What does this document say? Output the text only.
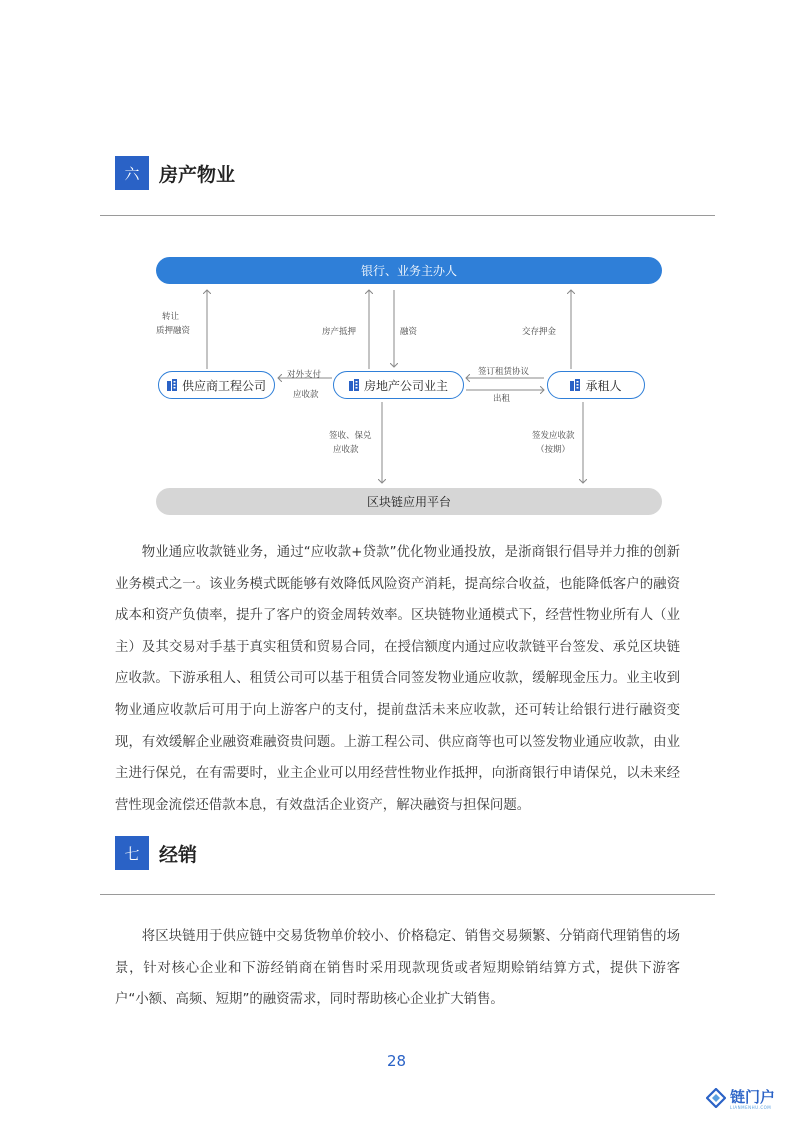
六	房产物业
银行、业务主办人
供应商工程公司	房地产公司业主	承租人
区块链应用平台
转让
质押融资	房产抵押	融资	交存押金
对外支付
应收款
签订租赁协议
出租
签收、保兑
应收款
签发应收款
（按期）

物业通应收款链业务，通过“应收款+贷款”优化物业通投放，是浙商银行倡导并力推的创新业务模式之一。该业务模式既能够有效降低风险资产消耗，提高综合收益，也能降低客户的融资成本和资产负债率，提升了客户的资金周转效率。区块链物业通模式下，经营性物业所有人（业主）及其交易对手基于真实租赁和贸易合同，在授信额度内通过应收款链平台签发、承兑区块链应收款。下游承租人、租赁公司可以基于租赁合同签发物业通应收款，缓解现金压力。业主收到物业通应收款后可用于向上游客户的支付，提前盘活未来应收款，还可转让给银行进行融资变现，有效缓解企业融资难融资贵问题。上游工程公司、供应商等也可以签发物业通应收款，由业主进行保兑，在有需要时，业主企业可以用经营性物业作抵押，向浙商银行申请保兑，以未来经营性现金流偿还借款本息，有效盘活企业资产，解决融资与担保问题。

七	经销

将区块链用于供应链中交易货物单价较小、价格稳定、销售交易频繁、分销商代理销售的场景，针对核心企业和下游经销商在销售时采用现款现货或者短期赊销结算方式，提供下游客户“小额、高频、短期”的融资需求，同时帮助核心企业扩大销售。

28
链门户
LIANMENHU.COM
